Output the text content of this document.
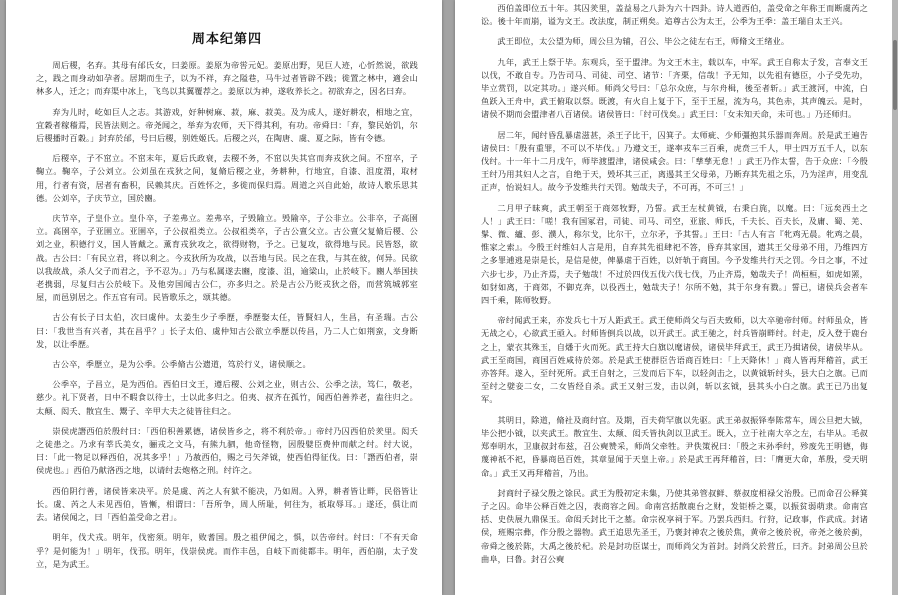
周本纪第四

周后稷，名弃。其母有邰氏女，曰姜原。姜原为帝喾元妃。姜原出野，见巨人迹，心忻然说，欲践之，践之而身动如孕者。居期而生子，以为不祥，弃之隘巷，马牛过者皆辟不践；徙置之林中，適会山林多人，迁之；而弃渠中冰上，飞鸟以其翼覆荐之。姜原以为神，遂收养长之。初欲弃之，因名曰弃。

弃为儿时，屹如巨人之志。其游戏，好种树麻、菽，麻、菽美。及为成人，遂好耕农，相地之宜，宜穀者稼穑焉，民皆法则之。帝尧闻之，举弃为农师，天下得其利，有功。帝舜曰：「弃，黎民始饥，尔后稷播时百穀。」封弃於邰，号曰后稷，别姓姬氏。后稷之兴，在陶唐、虞、夏之际，皆有令德。

后稷卒，子不窋立。不窋末年，夏后氏政衰，去稷不务，不窋以失其官而奔戎狄之间。不窋卒，子鞠立。鞠卒，子公刘立。公刘虽在戎狄之间，复脩后稷之业，务耕种，行地宜，自漆、沮度渭，取材用，行者有资，居者有畜积，民赖其庆。百姓怀之，多徙而保归焉。周道之兴自此始，故诗人歌乐思其德。公刘卒，子庆节立，国於豳。

庆节卒，子皇仆立。皇仆卒，子差弗立。差弗卒，子毁隃立。毁隃卒，子公非立。公非卒，子高圉立。高圉卒，子亚圉立。亚圉卒，子公叔祖类立。公叔祖类卒，子古公亶父立。古公亶父复脩后稷、公刘之业，积德行义，国人皆戴之。薰育戎狄攻之，欲得财物，予之。已复攻，欲得地与民。民皆怒，欲战。古公曰：「有民立君，将以利之。今戎狄所为攻战，以吾地与民。民之在我，与其在彼，何异。民欲以我故战，杀人父子而君之，予不忍为。」乃与私属遂去豳，度漆、沮，逾梁山，止於岐下。豳人举国扶老携弱，尽复归古公於岐下。及他旁国闻古公仁，亦多归之。於是古公乃贬戎狄之俗，而营筑城郭室屋，而邑别居之。作五官有司。民皆歌乐之，颂其德。

古公有长子曰太伯，次曰虞仲。太姜生少子季歷，季歷娶太任，皆賢妇人，生昌，有圣瑞。古公曰：「我世当有兴者，其在昌乎？」长子太伯、虞仲知古公欲立季歷以传昌，乃二人亡如荆蛮，文身断发，以让季歷。

古公卒，季歷立，是为公季。公季脩古公遗道，笃於行义，诸侯顺之。

公季卒，子昌立，是为西伯。西伯曰文王，遵后稷、公刘之业，则古公、公季之法，笃仁，敬老，慈少。礼下贤者，日中不暇食以待士，士以此多归之。伯夷、叔齐在孤竹，闻西伯善养老，盍往归之。太颠、闳夭、散宜生、鬻子、辛甲大夫之徒皆往归之。

崇侯虎譖西伯於殷纣曰：「西伯积善累德，诸侯皆乡之，将不利於帝。」帝纣乃囚西伯於羑里。闳夭之徒患之。乃求有莘氏美女，骊戎之文马，有熊九驷，他奇怪物，因殷嬖臣费仲而献之纣。纣大说，曰：「此一物足以释西伯，况其多乎！」乃赦西伯，赐之弓矢斧钺，使西伯得征伐。曰：「譖西伯者，崇侯虎也。」西伯乃献洛西之地，以请纣去炮格之刑。纣许之。

西伯阴行善，诸侯皆来决平。於是虞、芮之人有狱不能决，乃如周。入界，耕者皆让畔，民俗皆让长。虞、芮之人未见西伯，皆慚，相谓曰：「吾所争，周人所耻，何往为，祇取辱耳。」遂还，俱让而去。诸侯闻之，曰「西伯盖受命之君」。

明年，伐犬戎。明年，伐密须。明年，败耆国。殷之祖伊闻之，惧，以告帝纣。纣曰：「不有天命乎？是何能为！」明年，伐邘。明年，伐崇侯虎。而作丰邑，自岐下而徙都丰。明年，西伯崩，太子发立，是为武王。

西伯盖即位五十年。其囚羑里，盖益易之八卦为六十四卦。诗人道西伯，盖受命之年称王而断虞芮之讼。後十年而崩，谥为文王。改法度，制正朔矣。追尊古公为太王，公季为王季：盖王瑞自太王兴。

武王即位，太公望为师，周公旦为辅，召公、毕公之徒左右王，师脩文王绪业。

九年，武王上祭于毕。东观兵，至于盟津。为文王木主，载以车，中军。武王自称太子发，言奉文王以伐，不敢自专。乃告司马、司徒、司空、诸节：「齐栗，信哉！予无知，以先祖有德臣，小子受先功，毕立赏罚，以定其功。」遂兴师。师尚父号曰：「总尔众庶，与尔舟楫，後至者斩。」武王渡河，中流，白鱼跃入王舟中，武王俯取以祭。既渡，有火自上复于下，至于王屋，流为乌，其色赤，其声魄云。是时，诸侯不期而会盟津者八百诸侯。诸侯皆曰：「纣可伐矣。」武王曰：「女未知天命，未可也。」乃还师归。

居二年，闻纣昏乱暴虐滋甚，杀王子比干，囚箕子。太师疵、少师彊抱其乐器而奔周。於是武王遍告诸侯曰：「殷有重罪，不可以不毕伐。」乃遵文王，遂率戎车三百乘，虎贲三千人，甲士四万五千人，以东伐纣。十一年十二月戊午，师毕渡盟津，诸侯咸会。曰：「孳孳无怠！」武王乃作太誓，告于众庶：「今殷王纣乃用其妇人之言，自绝于天，毁坏其三正，离逷其王父母弟，乃断弃其先祖之乐，乃为淫声，用变乱正声，怡说妇人。故今予发维共行天罚。勉哉夫子，不可再，不可三！」

二月甲子昧爽，武王朝至于商郊牧野，乃誓。武王左杖黄钺，右秉白旄，以麾。曰：「远矣西土之人！」武王曰：「嗟！我有国冢君，司徒、司马、司空，亚旅、师氏，千夫长、百夫长，及庸、蜀、羌、髳、微、纑、彭、濮人，称尔戈，比尔干，立尔矛，予其誓。」王曰：「古人有言『牝鸡无晨。牝鸡之晨，惟家之索』。今殷王纣维妇人言是用，自弃其先祖肆祀不答，昏弃其家国，遗其王父母弟不用，乃维四方之多罪逋逃是崇是长，是信是使，俾暴虐于百姓，以奸轨于商国。今予发维共行天之罚。今日之事，不过六步七步，乃止齐焉，夫子勉哉！不过於四伐五伐六伐七伐，乃止齐焉，勉哉夫子！尚桓桓，如虎如罴，如豺如离，于商郊，不御克奔，以役西土，勉哉夫子！尔所不勉，其于尔身有戮。」誓已，诸侯兵会者车四千乘，陈师牧野。

帝纣闻武王来，亦发兵七十万人距武王。武王使师尚父与百夫致师，以大卒驰帝纣师。纣师虽众，皆无战之心，心欲武王亟入。纣师皆倒兵以战，以开武王。武王驰之，纣兵皆崩畔纣。纣走，反入登于鹿台之上，蒙衣其殊玉，自燔于火而死。武王持大白旗以麾诸侯，诸侯毕拜武王，武王乃揖诸侯，诸侯毕从。武王至商国，商国百姓咸待於郊。於是武王使群臣告语商百姓曰：「上天降休！」商人皆再拜稽首，武王亦答拜。遂入，至纣死所。武王自射之，三发而后下车，以轻剑击之，以黄钺斩纣头，县大白之旗。已而至纣之嬖妾二女，二女皆经自杀。武王又射三发，击以剑，斩以玄钺，县其头小白之旗。武王已乃出复军。

其明日，除道，脩社及商纣宫。及期，百夫荷罕旗以先驱。武王弟叔振铎奉陈常车，周公旦把大钺，毕公把小钺，以夹武王。散宜生、太颠、闳夭皆执剑以卫武王。既入，立于社南大卒之左，右毕从。毛叔郑奉明水，卫康叔封布兹，召公奭赞采，师尚父牵牲。尹佚策祝曰：「殷之末孙季纣，殄废先王明德，侮蔑神祇不祀，昏暴商邑百姓，其章显闻于天皇上帝。」於是武王再拜稽首，曰：「膺更大命，革殷，受天明命。」武王又再拜稽首，乃出。

封商纣子禄父殷之馀民。武王为殷初定未集，乃使其弟管叔鲜、蔡叔度相禄父治殷。已而命召公释箕子之囚。命毕公释百姓之囚，表商容之闾。命南宫括散鹿台之财，发钜桥之粟，以振贫弱萌隶。命南宫括、史佚展九鼎保玉。命闳夭封比干之墓。命宗祝享祠于军。乃罢兵西归。行狩，记政事，作武成。封诸侯，班赐宗彝，作分殷之器物。武王追思先圣王，乃褒封神农之後於焦，黄帝之後於祝，帝尧之後於蓟，帝舜之後於陈，大禹之後於杞。於是封功臣谋士，而师尚父为首封。封尚父於营丘，曰齐。封弟周公旦於曲阜，曰鲁。封召公奭
